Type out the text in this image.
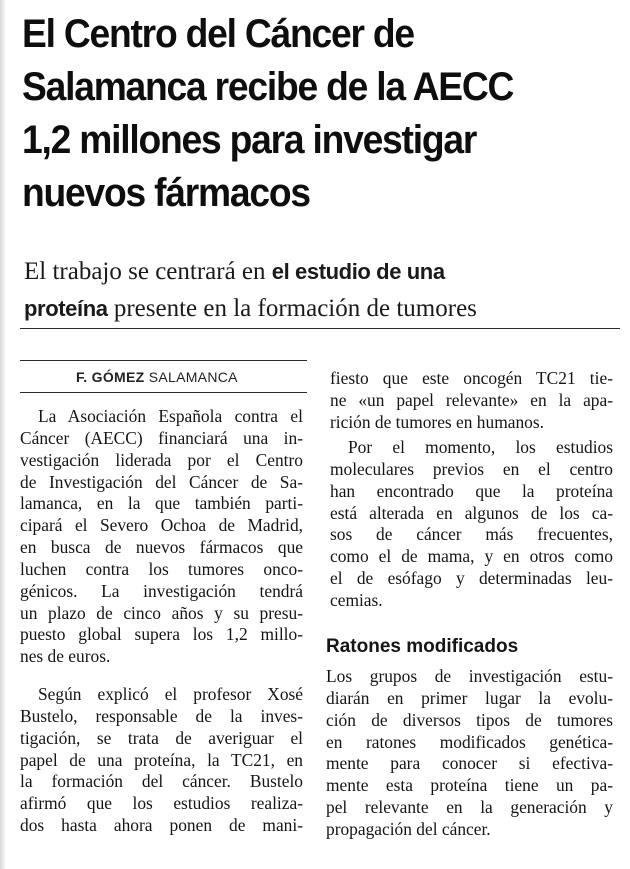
El Centro del Cáncer de
Salamanca recibe de la AECC
1,2 millones para investigar
nuevos fármacos
El trabajo se centrará en el estudio de una
proteína presente en la formación de tumores
F. GÓMEZ SALAMANCA
La Asociación Española contra el
Cáncer (AECC) financiará una in-
vestigación liderada por el Centro
de Investigación del Cáncer de Sa-
lamanca, en la que también parti-
cipará el Severo Ochoa de Madrid,
en busca de nuevos fármacos que
luchen contra los tumores onco-
génicos. La investigación tendrá
un plazo de cinco años y su presu-
puesto global supera los 1,2 millo-
nes de euros.
Según explicó el profesor Xosé
Bustelo, responsable de la inves-
tigación, se trata de averiguar el
papel de una proteína, la TC21, en
la formación del cáncer. Bustelo
afirmó que los estudios realiza-
dos hasta ahora ponen de mani-
fiesto que este oncogén TC21 tie-
ne «un papel relevante» en la apa-
rición de tumores en humanos.
Por el momento, los estudios
moleculares previos en el centro
han encontrado que la proteína
está alterada en algunos de los ca-
sos de cáncer más frecuentes,
como el de mama, y en otros como
el de esófago y determinadas leu-
cemias.
Ratones modificados
Los grupos de investigación estu-
diarán en primer lugar la evolu-
ción de diversos tipos de tumores
en ratones modificados genética-
mente para conocer si efectiva-
mente esta proteína tiene un pa-
pel relevante en la generación y
propagación del cáncer.
